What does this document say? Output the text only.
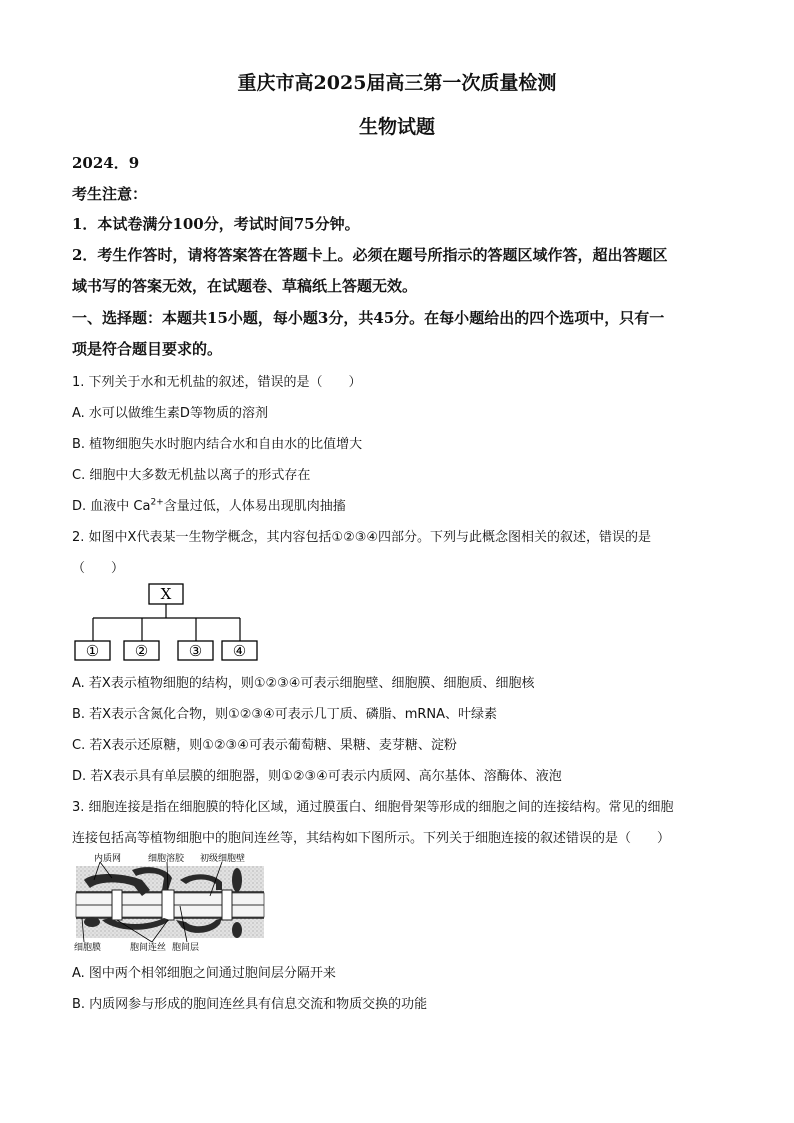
重庆市高2025届高三第一次质量检测
生物试题
2024．9
考生注意：
1．本试卷满分100分，考试时间75分钟。
2．考生作答时，请将答案答在答题卡上。必须在题号所指示的答题区域作答，超出答题区
域书写的答案无效，在试题卷、草稿纸上答题无效。
一、选择题：本题共15小题，每小题3分，共45分。在每小题给出的四个选项中，只有一
项是符合题目要求的。
1. 下列关于水和无机盐的叙述，错误的是（　　）
A. 水可以做维生素D等物质的溶剂
B. 植物细胞失水时胞内结合水和自由水的比值增大
C. 细胞中大多数无机盐以离子的形式存在
D. 血液中 $Ca^{2+}$含量过低，人体易出现肌肉抽搐
2. 如图中X代表某一生物学概念，其内容包括①②③④四部分。下列与此概念图相关的叙述，错误的是
（　　）
X
① ②	③ ④
A. 若X表示植物细胞的结构，则①②③④可表示细胞壁、细胞膜、细胞质、细胞核
B. 若X表示含氮化合物，则①②③④可表示几丁质、磷脂、mRNA、叶绿素
C. 若X表示还原糖，则①②③④可表示葡萄糖、果糖、麦芽糖、淀粉
D. 若X表示具有单层膜的细胞器，则①②③④可表示内质网、高尔基体、溶酶体、液泡
3. 细胞连接是指在细胞膜的特化区域，通过膜蛋白、细胞骨架等形成的细胞之间的连接结构。常见的细胞
连接包括高等植物细胞中的胞间连丝等，其结构如下图所示。下列关于细胞连接的叙述错误的是（　　）
内质网	细胞溶胶 初级细胞壁
细胞膜	胞间连丝 胞间层
A. 图中两个相邻细胞之间通过胞间层分隔开来
B. 内质网参与形成的胞间连丝具有信息交流和物质交换的功能
